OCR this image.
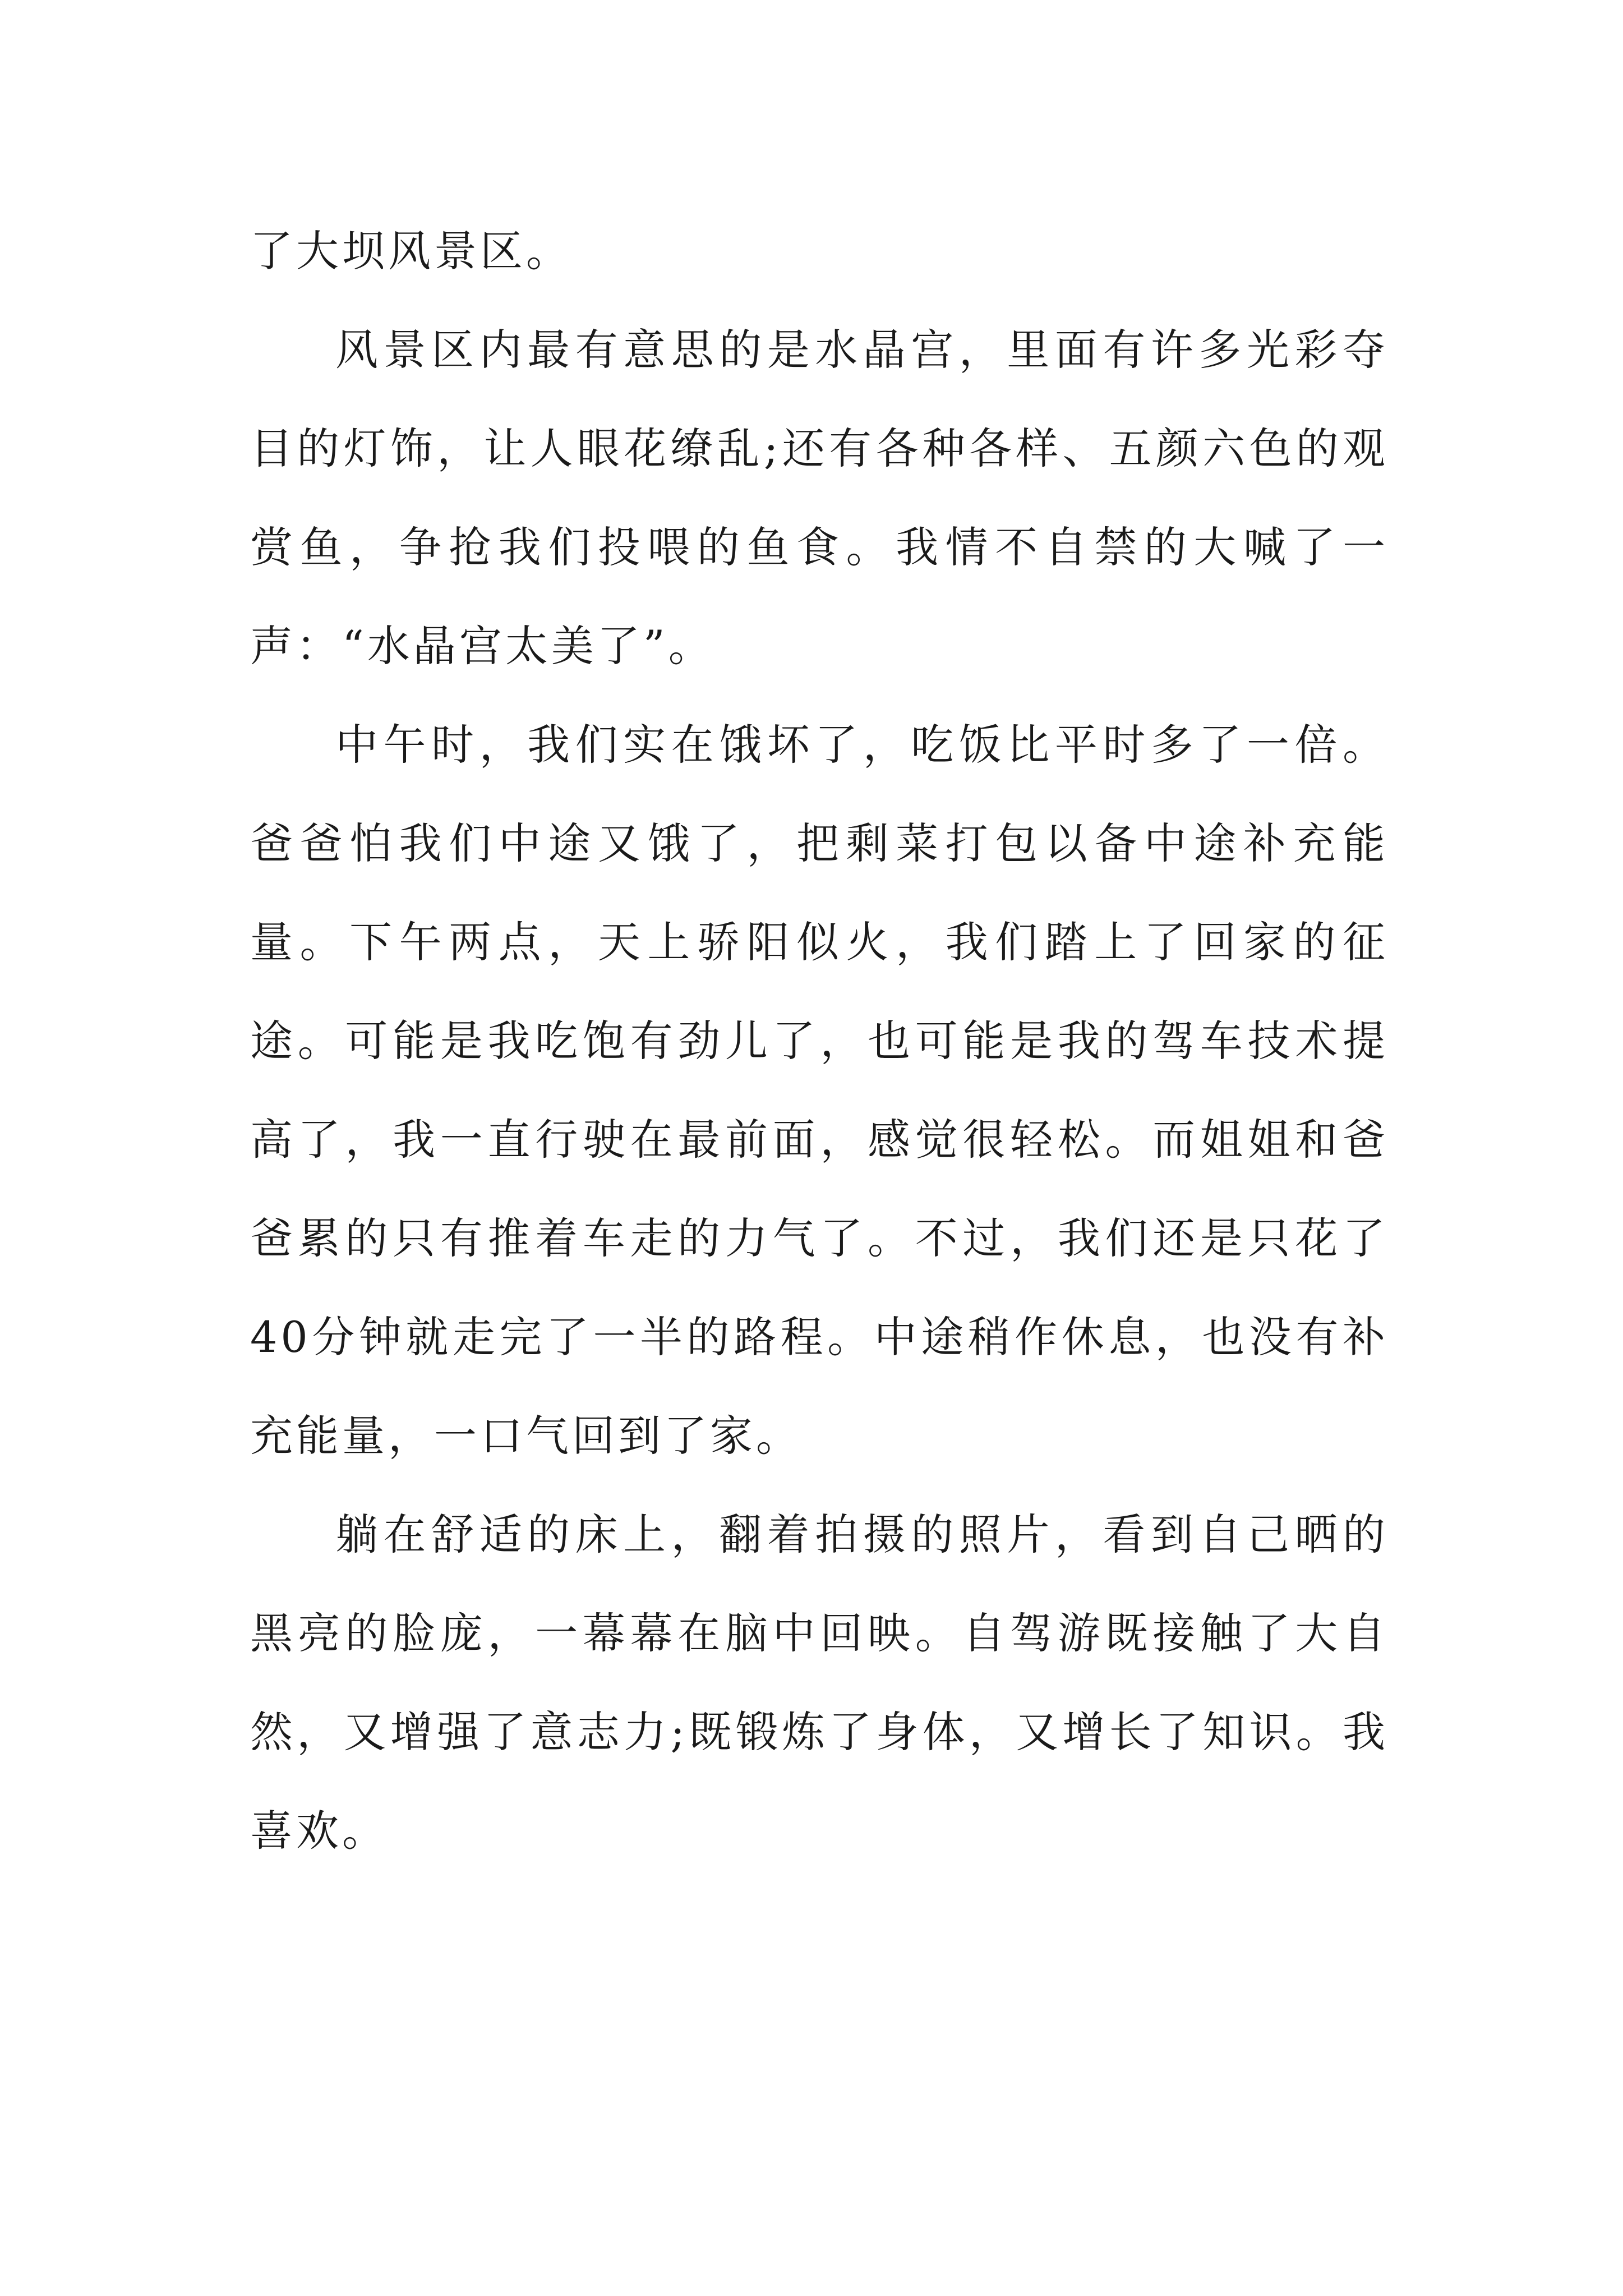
了大坝风景区。

风景区内最有意思的是水晶宫，里面有许多光彩夺目的灯饰，让人眼花缭乱;还有各种各样、五颜六色的观赏鱼，争抢我们投喂的鱼食。我情不自禁的大喊了一声：“水晶宫太美了”。

中午时，我们实在饿坏了，吃饭比平时多了一倍。爸爸怕我们中途又饿了，把剩菜打包以备中途补充能量。下午两点，天上骄阳似火，我们踏上了回家的征途。可能是我吃饱有劲儿了，也可能是我的驾车技术提高了，我一直行驶在最前面，感觉很轻松。而姐姐和爸爸累的只有推着车走的力气了。不过，我们还是只花了40分钟就走完了一半的路程。中途稍作休息，也没有补充能量，一口气回到了家。

躺在舒适的床上，翻着拍摄的照片，看到自己晒的黑亮的脸庞，一幕幕在脑中回映。自驾游既接触了大自然，又增强了意志力;既锻炼了身体，又增长了知识。我喜欢。
